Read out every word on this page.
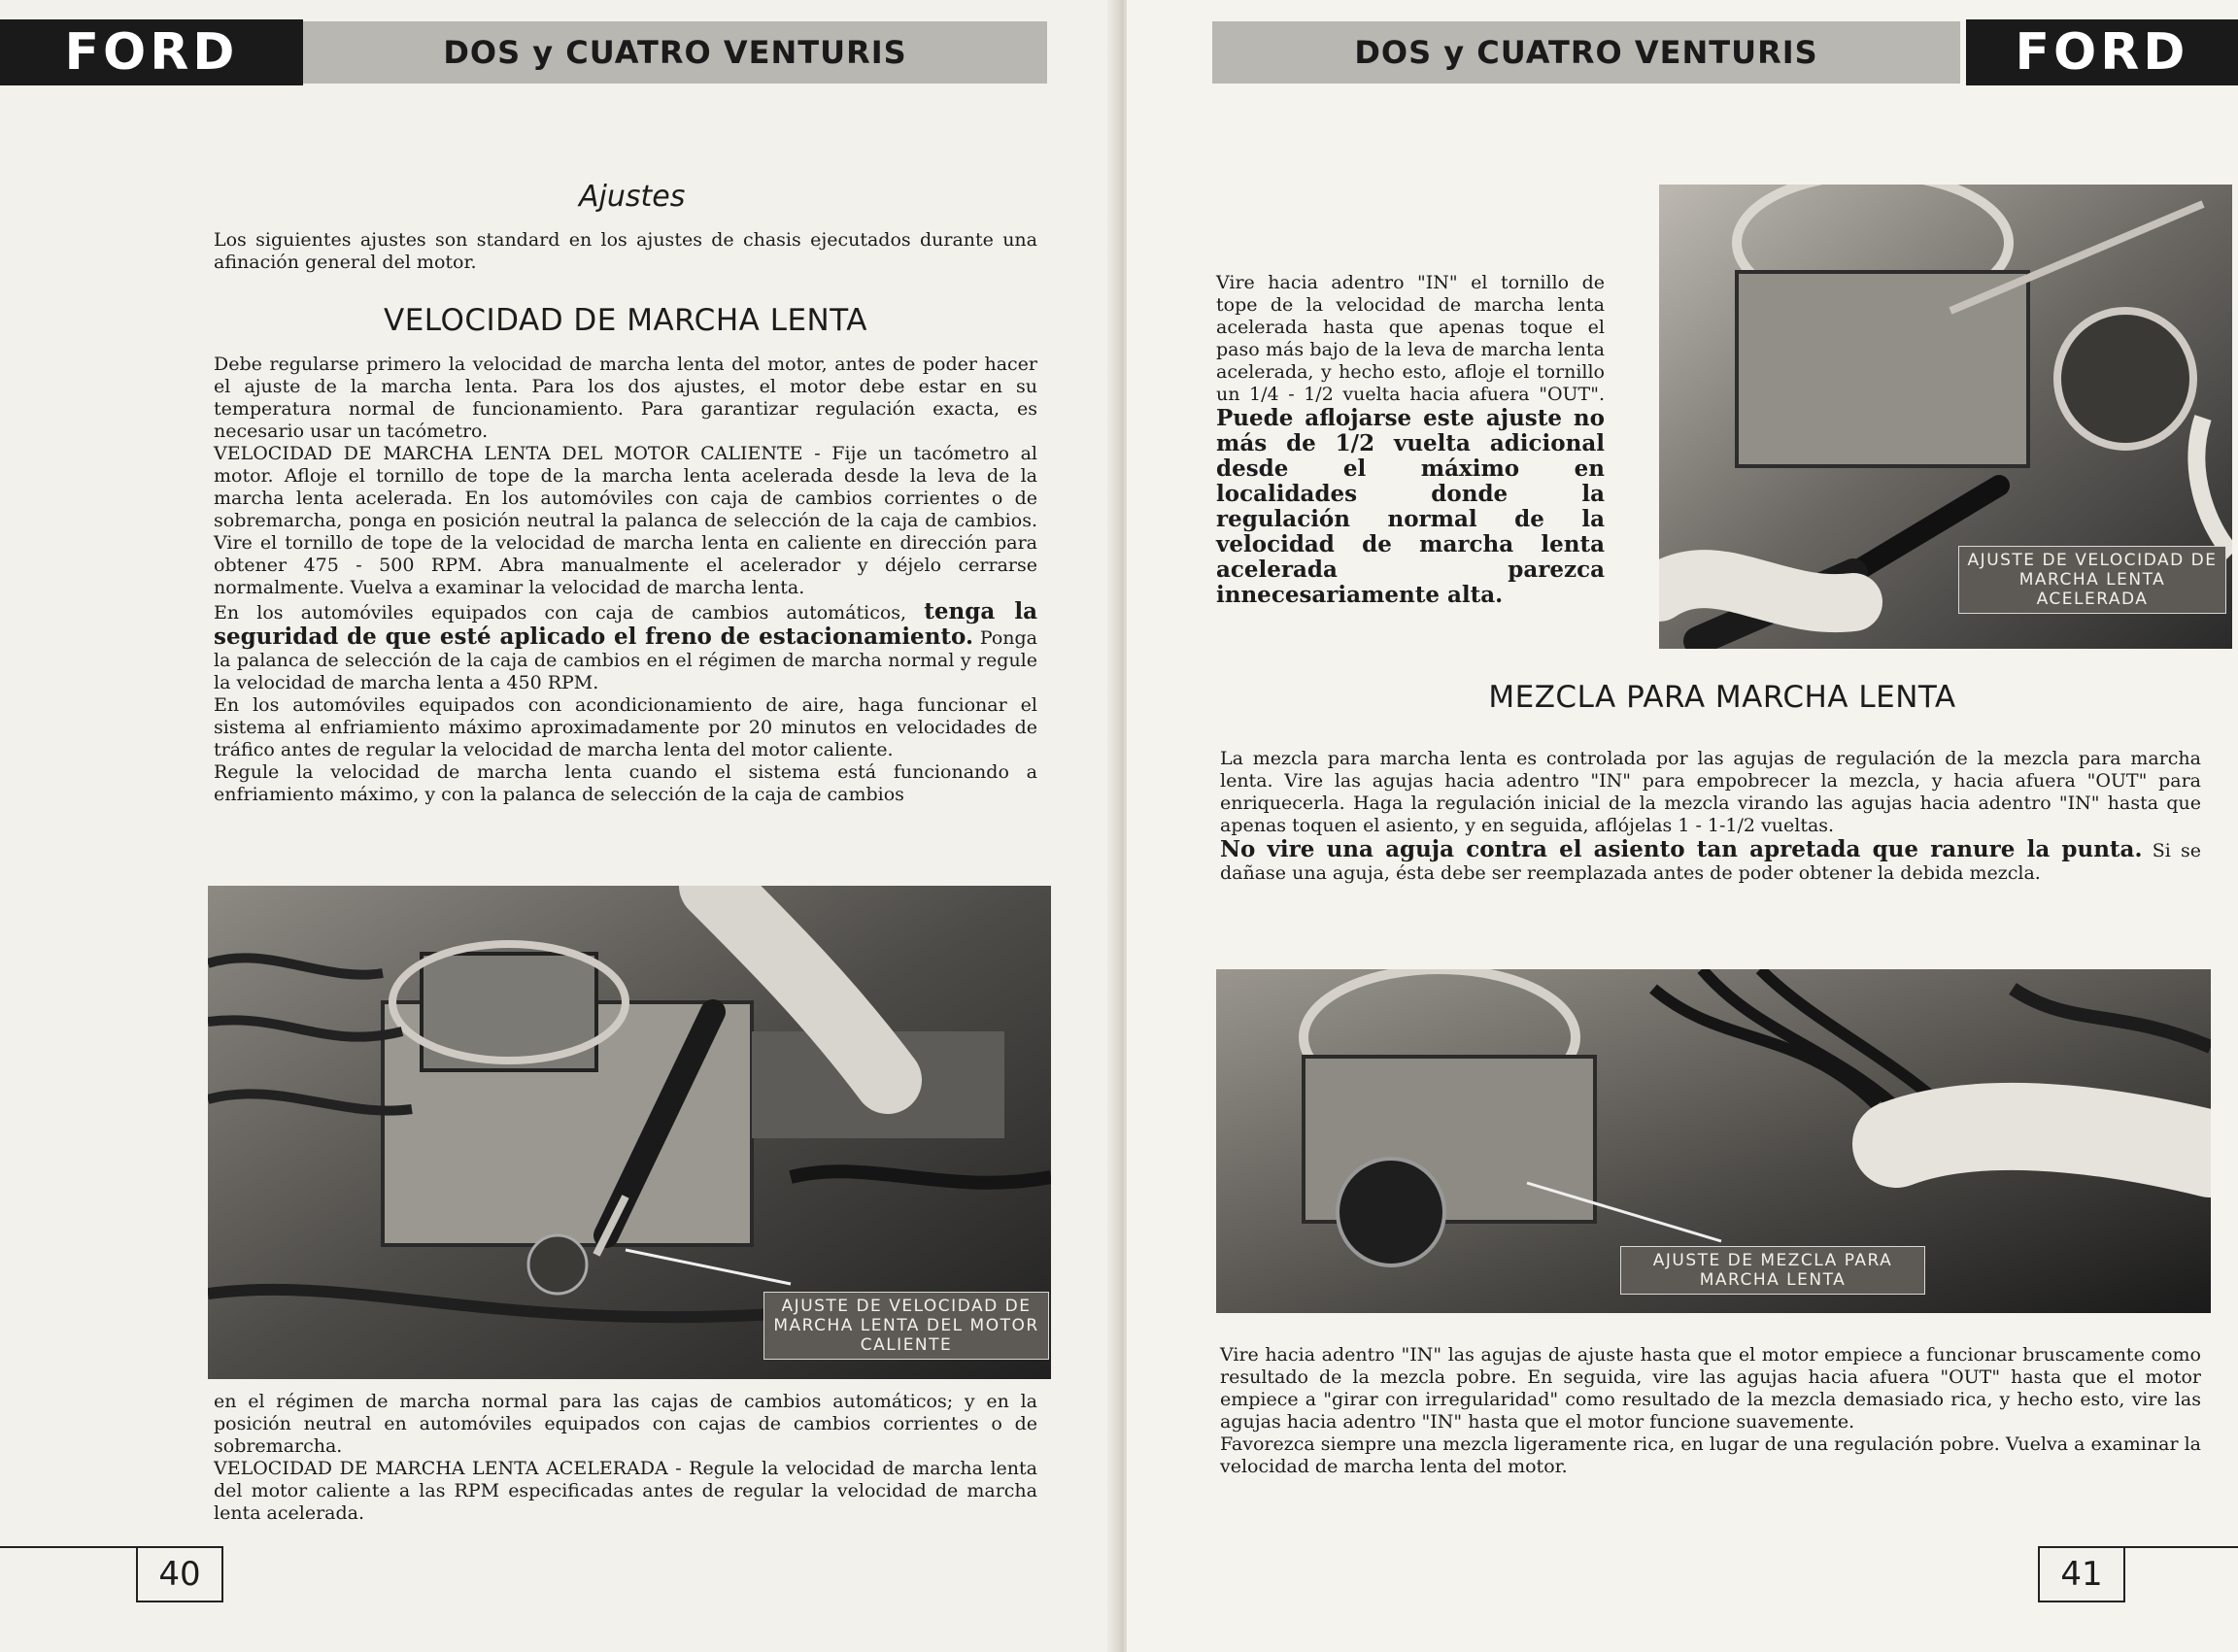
FORD	DOS y CUATRO VENTURIS
Ajustes

Los siguientes ajustes son standard en los ajustes de chasis ejecutados durante una afinación general del motor.

VELOCIDAD DE MARCHA LENTA

Debe regularse primero la velocidad de marcha lenta del motor, antes de poder hacer el ajuste de la marcha lenta. Para los dos ajustes, el motor debe estar en su temperatura normal de funcionamiento. Para garantizar regulación exacta, es necesario usar un tacómetro.

VELOCIDAD DE MARCHA LENTA DEL MOTOR CALIENTE - Fije un tacómetro al motor. Afloje el tornillo de tope de la marcha lenta acelerada desde la leva de la marcha lenta acelerada. En los automóviles con caja de cambios corrientes o de sobremarcha, ponga en posición neutral la palanca de selección de la caja de cambios. Vire el tornillo de tope de la velocidad de marcha lenta en caliente en dirección para obtener 475 - 500 RPM. Abra manualmente el acelerador y déjelo cerrarse normalmente. Vuelva a examinar la velocidad de marcha lenta.

En los automóviles equipados con caja de cambios automáticos, tenga la seguridad de que esté aplicado el freno de estacionamiento. Ponga la palanca de selección de la caja de cambios en el régimen de marcha normal y regule la velocidad de marcha lenta a 450 RPM.

En los automóviles equipados con acondicionamiento de aire, haga funcionar el sistema al enfriamiento máximo aproximadamente por 20 minutos en velocidades de tráfico antes de regular la velocidad de marcha lenta del motor caliente.

Regule la velocidad de marcha lenta cuando el sistema está funcionando a enfriamiento máximo, y con la palanca de selección de la caja de cambios

AJUSTE DE VELOCIDAD DE MARCHA LENTA DEL MOTOR CALIENTE

en el régimen de marcha normal para las cajas de cambios automáticos; y en la posición neutral en automóviles equipados con cajas de cambios corrientes o de sobremarcha.

VELOCIDAD DE MARCHA LENTA ACELERADA - Regule la velocidad de marcha lenta del motor caliente a las RPM especificadas antes de regular la velocidad de marcha lenta acelerada.

40
DOS y CUATRO VENTURIS	FORD

Vire hacia adentro "IN" el tornillo de tope de la velocidad de marcha lenta acelerada hasta que apenas toque el paso más bajo de la leva de marcha lenta acelerada, y hecho esto, afloje el tornillo un 1/4 - 1/2 vuelta hacia afuera "OUT". Puede aflojarse este ajuste no más de 1/2 vuelta adicional desde el máximo en localidades donde la regulación normal de la velocidad de marcha lenta acelerada parezca innecesariamente alta.

AJUSTE DE VELOCIDAD DE MARCHA LENTA ACELERADA
MEZCLA PARA MARCHA LENTA

La mezcla para marcha lenta es controlada por las agujas de regulación de la mezcla para marcha lenta. Vire las agujas hacia adentro "IN" para empobrecer la mezcla, y hacia afuera "OUT" para enriquecerla. Haga la regulación inicial de la mezcla virando las agujas hacia adentro "IN" hasta que apenas toquen el asiento, y en seguida, aflójelas 1 - 1-1/2 vueltas.

No vire una aguja contra el asiento tan apretada que ranure la punta. Si se dañase una aguja, ésta debe ser reemplazada antes de poder obtener la debida mezcla.

AJUSTE DE MEZCLA PARA MARCHA LENTA

Vire hacia adentro "IN" las agujas de ajuste hasta que el motor empiece a funcionar bruscamente como resultado de la mezcla pobre. En seguida, vire las agujas hacia afuera "OUT" hasta que el motor empiece a "girar con irregularidad" como resultado de la mezcla demasiado rica, y hecho esto, vire las agujas hacia adentro "IN" hasta que el motor funcione suavemente.

Favorezca siempre una mezcla ligeramente rica, en lugar de una regulación pobre. Vuelva a examinar la velocidad de marcha lenta del motor.

41
